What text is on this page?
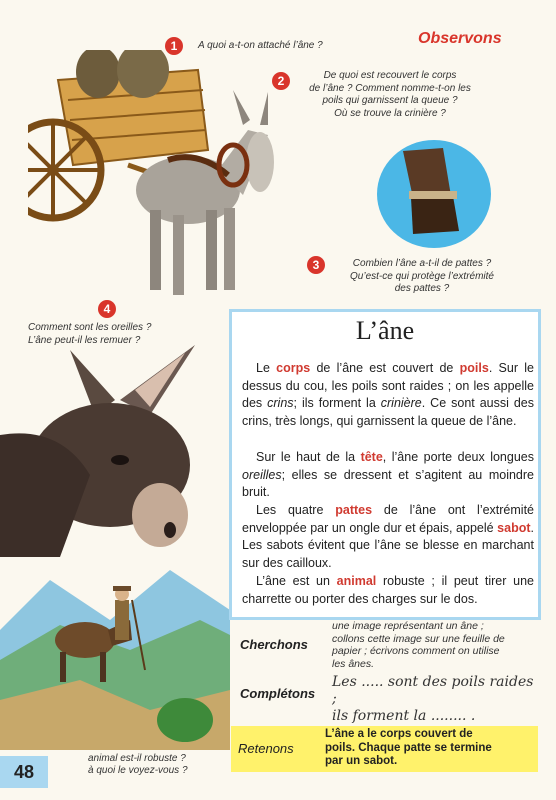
Observons
1	A quoi a-t-on attaché l’âne ?
2	De quoi est recouvert le corps
de l’âne ? Comment nomme-t-on les
poils qui garnissent la queue ?
Où se trouve la crinière ?
3	Combien l’âne a-t-il de pattes ?
Qu’est-ce qui protège l’extrémité
des pattes ?
4
Comment sont les oreilles ?
L’âne peut-il les remuer ?
animal est-il robuste ?
à quoi le voyez-vous ?
L’âne
Le corps de l’âne est couvert de poils. Sur le dessus du cou, les poils sont raides ; on les appelle des crins; ils forment la crinière. Ce sont aussi des crins, très longs, qui garnissent la queue de l’âne.
Sur le haut de la tête, l’âne porte deux longues oreilles; elles se dressent et s’agitent au moindre bruit.
Les quatre pattes de l’âne ont l’extrémité enveloppée par un ongle dur et épais, appelé sabot. Les sabots évitent que l’âne se blesse en marchant sur des cailloux.
L’âne est un animal robuste ; il peut tirer une charrette ou porter des charges sur le dos.
Cherchons
une image représentant un âne ;
collons cette image sur une feuille de
papier ; écrivons comment on utilise
les ânes.
Complétons
Les ..... sont des poils raides ;
ils forment la ........ .
Retenons
L’âne a le corps couvert de
poils. Chaque patte se termine
par un sabot.
48
